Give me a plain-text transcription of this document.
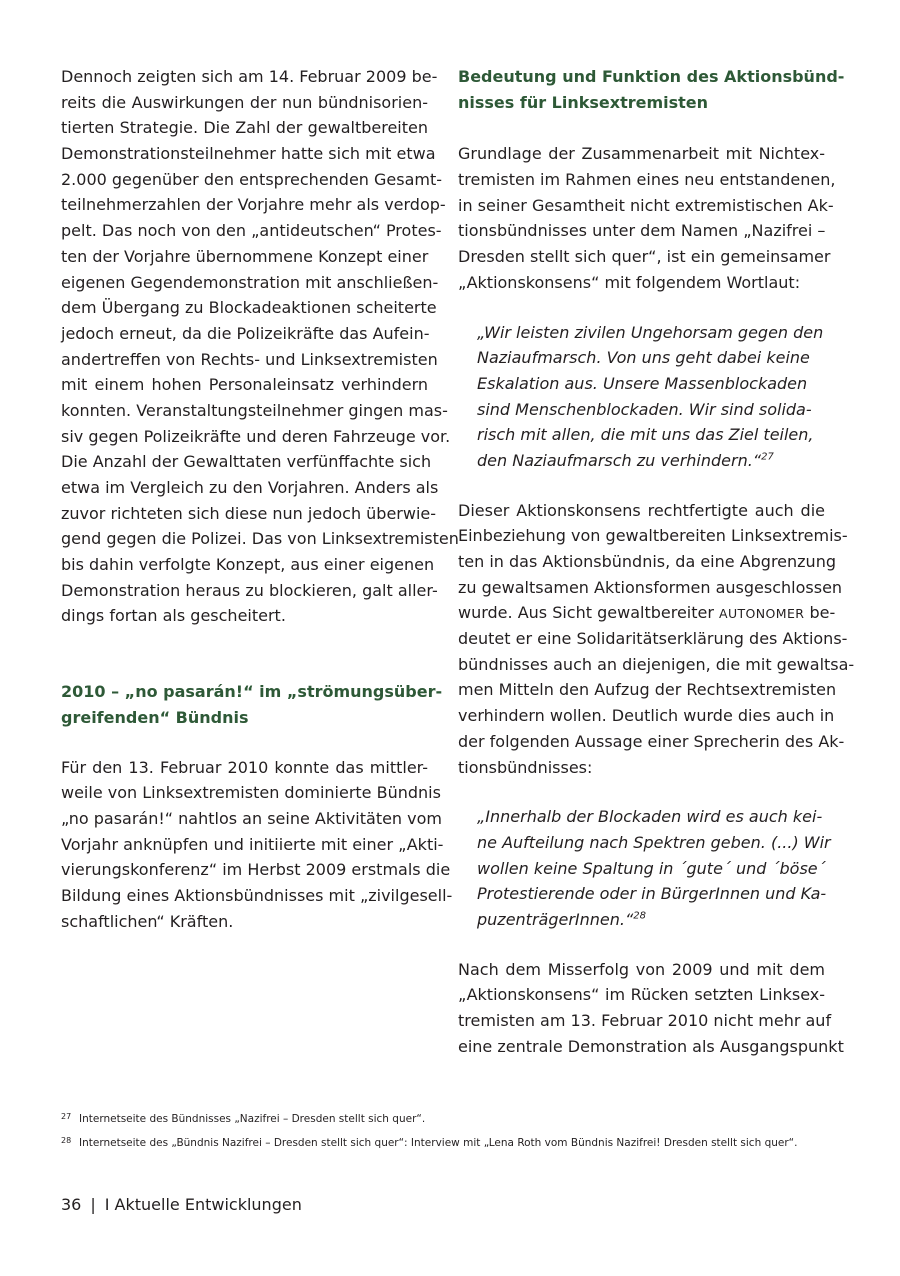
Dennoch zeigten sich am 14. Februar 2009 be-
reits die Auswirkungen der nun bündnisorien-
tierten Strategie. Die Zahl der gewaltbereiten
Demonstrationsteilnehmer hatte sich mit etwa
2.000 gegenüber den entsprechenden Gesamt-
teilnehmerzahlen der Vorjahre mehr als verdop-
pelt. Das noch von den „antideutschen“ Protes-
ten der Vorjahre übernommene Konzept einer
eigenen Gegendemonstration mit anschließen-
dem Übergang zu Blockadeaktionen scheiterte
jedoch erneut, da die Polizeikräfte das Aufein-
andertreffen von Rechts- und Linksextremisten
mit einem hohen Personaleinsatz verhindern
konnten. Veranstaltungsteilnehmer gingen mas-
siv gegen Polizeikräfte und deren Fahrzeuge vor.
Die Anzahl der Gewalttaten verfünffachte sich
etwa im Vergleich zu den Vorjahren. Anders als
zuvor richteten sich diese nun jedoch überwie-
gend gegen die Polizei. Das von Linksextremisten
bis dahin verfolgte Konzept, aus einer eigenen
Demonstration heraus zu blockieren, galt aller-
dings fortan als gescheitert.
2010 – „no pasarán!“ im „strömungsüber-
greifenden“ Bündnis
Für den 13. Februar 2010 konnte das mittler-
weile von Linksextremisten dominierte Bündnis
„no pasarán!“ nahtlos an seine Aktivitäten vom
Vorjahr anknüpfen und initiierte mit einer „Akti-
vierungskonferenz“ im Herbst 2009 erstmals die
Bildung eines Aktionsbündnisses mit „zivilgesell-
schaftlichen“ Kräften.
Bedeutung und Funktion des Aktionsbünd-
nisses für Linksextremisten
Grundlage der Zusammenarbeit mit Nichtex-
tremisten im Rahmen eines neu entstandenen,
in seiner Gesamtheit nicht extremistischen Ak-
tionsbündnisses unter dem Namen „Nazifrei –
Dresden stellt sich quer“, ist ein gemeinsamer
„Aktionskonsens“ mit folgendem Wortlaut:
„Wir leisten zivilen Ungehorsam gegen den
Naziaufmarsch. Von uns geht dabei keine
Eskalation aus. Unsere Massenblockaden
sind Menschenblockaden. Wir sind solida-
risch mit allen, die mit uns das Ziel teilen,
den Naziaufmarsch zu verhindern.“$^{27}$
Dieser Aktionskonsens rechtfertigte auch die
Einbeziehung von gewaltbereiten Linksextremis-
ten in das Aktionsbündnis, da eine Abgrenzung
zu gewaltsamen Aktionsformen ausgeschlossen
wurde. Aus Sicht gewaltbereiter AUTONOMER be-
deutet er eine Solidaritätserklärung des Aktions-
bündnisses auch an diejenigen, die mit gewaltsa-
men Mitteln den Aufzug der Rechtsextremisten
verhindern wollen. Deutlich wurde dies auch in
der folgenden Aussage einer Sprecherin des Ak-
tionsbündnisses:
„Innerhalb der Blockaden wird es auch kei-
ne Aufteilung nach Spektren geben. (...) Wir
wollen keine Spaltung in ´gute´ und ´böse´
Protestierende oder in BürgerInnen und Ka-
puzenträgerInnen.“$^{28}$
Nach dem Misserfolg von 2009 und mit dem
„Aktionskonsens“ im Rücken setzten Linksex-
tremisten am 13. Februar 2010 nicht mehr auf
eine zentrale Demonstration als Ausgangspunkt
27 Internetseite des Bündnisses „Nazifrei – Dresden stellt sich quer“.
28 Internetseite des „Bündnis Nazifrei – Dresden stellt sich quer“: Interview mit „Lena Roth vom Bündnis Nazifrei! Dresden stellt sich quer“.
36 | I Aktuelle Entwicklungen
